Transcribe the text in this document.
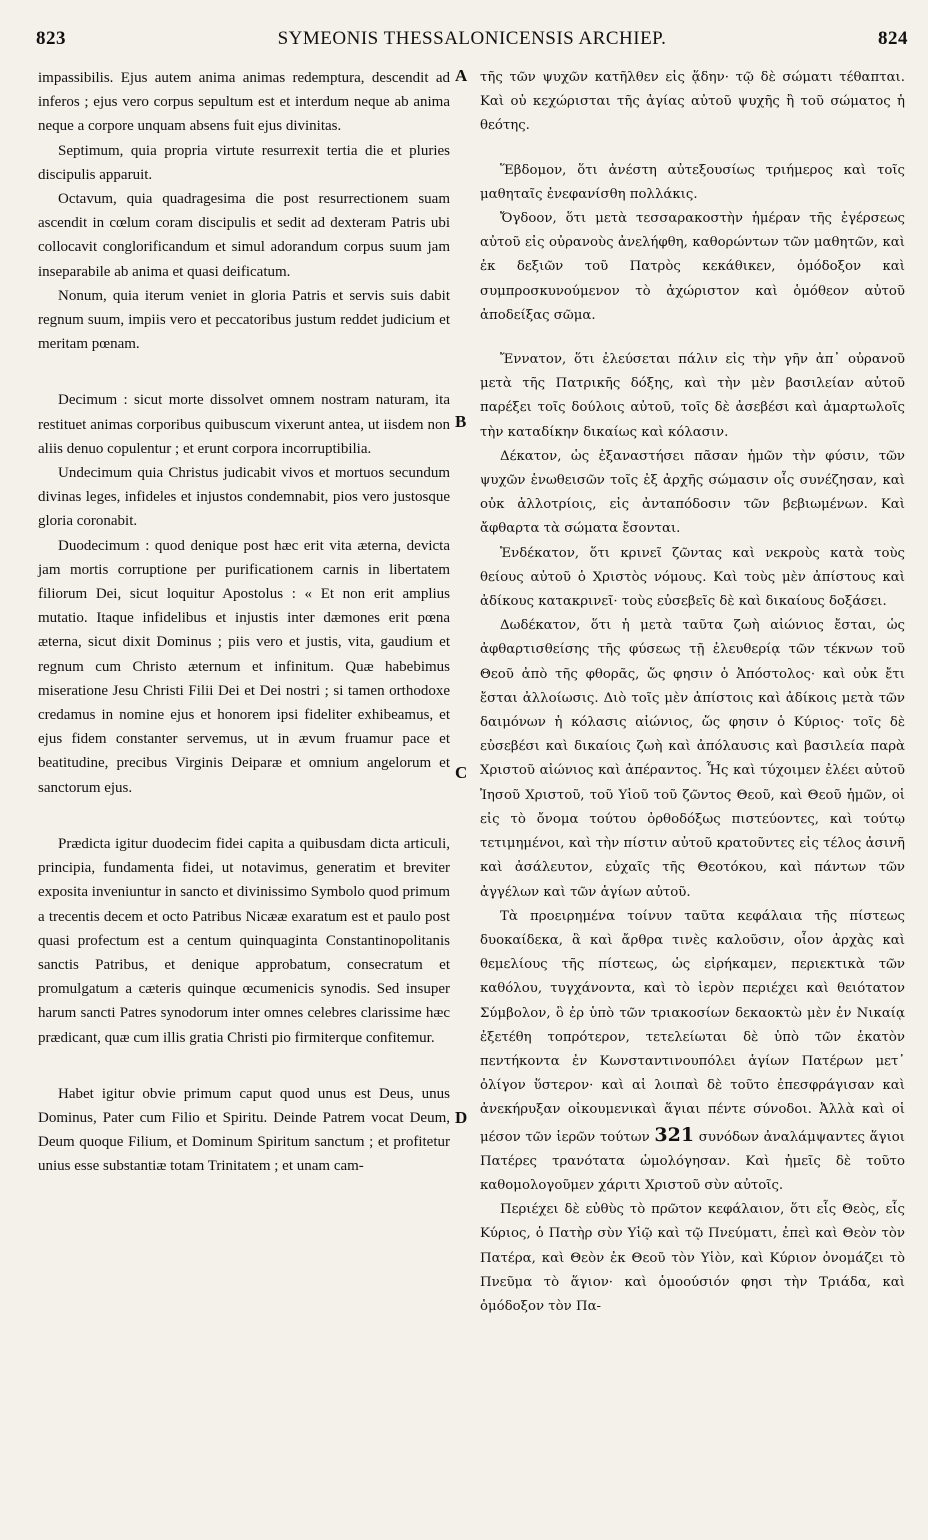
823	SYMEONIS THESSALONICENSIS ARCHIEP.	824

impassibilis. Ejus autem anima animas redemptura, descendit ad inferos ; ejus vero corpus sepultum est et interdum neque ab anima neque a corpore unquam absens fuit ejus divinitas.

Septimum, quia propria virtute resurrexit tertia die et pluries discipulis apparuit.

Octavum, quia quadragesima die post resurrectionem suam ascendit in cœlum coram discipulis et sedit ad dexteram Patris ubi collocavit conglorificandum et simul adorandum corpus suum jam inseparabile ab anima et quasi deificatum.

Nonum, quia iterum veniet in gloria Patris et servis suis dabit regnum suum, impiis vero et peccatoribus justum reddet judicium et meritam pœnam.

Decimum : sicut morte dissolvet omnem nostram naturam, ita restituet animas corporibus quibuscum vixerunt antea, ut iisdem non aliis denuo copulentur ; et erunt corpora incorruptibilia.

Undecimum quia Christus judicabit vivos et mortuos secundum divinas leges, infideles et injustos condemnabit, pios vero justosque gloria coronabit.

Duodecimum : quod denique post hæc erit vita æterna, devicta jam mortis corruptione per purificationem carnis in libertatem filiorum Dei, sicut loquitur Apostolus : « Et non erit amplius mutatio. Itaque infidelibus et injustis inter dæmones erit pœna æterna, sicut dixit Dominus ; piis vero et justis, vita, gaudium et regnum cum Christo æternum et infinitum. Quæ habebimus miseratione Jesu Christi Filii Dei et Dei nostri ; si tamen orthodoxe credamus in nomine ejus et honorem ipsi fideliter exhibeamus, et ejus fidem constanter servemus, ut in ævum fruamur pace et beatitudine, precibus Virginis Deiparæ et omnium angelorum et sanctorum ejus.

Prædicta igitur duodecim fidei capita a quibusdam dicta articuli, principia, fundamenta fidei, ut notavimus, generatim et breviter exposita inveniuntur in sancto et divinissimo Symbolo quod primum a trecentis decem et octo Patribus Nicææ exaratum est et paulo post quasi profectum est a centum quinquaginta Constantinopolitanis sanctis Patribus, et denique approbatum, consecratum et promulgatum a cæteris quinque œcumenicis synodis. Sed insuper harum sancti Patres synodorum inter omnes celebres clarissime hæc prædicant, quæ cum illis gratia Christi pio firmiterque confitemur.

Habet igitur obvie primum caput quod unus est Deus, unus Dominus, Pater cum Filio et Spiritu. Deinde Patrem vocat Deum, Deum quoque Filium, et Dominum Spiritum sanctum ; et profitetur unius esse substantiæ totam Trinitatem ; et unam cam-

A
B
C
D

τῆς τῶν ψυχῶν κατῆλθεν εἰς ᾅδην· τῷ δὲ σώματι τέθαπται. Καὶ οὐ κεχώρισται τῆς ἁγίας αὐτοῦ ψυχῆς ἢ τοῦ σώματος ἡ θεότης.

Ἕβδομον, ὅτι ἀνέστη αὐτεξουσίως τριήμερος καὶ τοῖς μαθηταῖς ἐνεφανίσθη πολλάκις.

Ὄγδοον, ὅτι μετὰ τεσσαρακοστὴν ἡμέραν τῆς ἐγέρσεως αὐτοῦ εἰς οὐρανοὺς ἀνελήφθη, καθορώντων τῶν μαθητῶν, καὶ ἐκ δεξιῶν τοῦ Πατρὸς κεκάθικεν, ὁμόδοξον καὶ συμπροσκυνούμενον τὸ ἀχώριστον καὶ ὁμόθεον αὐτοῦ ἀποδείξας σῶμα.

Ἔννατον, ὅτι ἐλεύσεται πάλιν εἰς τὴν γῆν ἀπ᾽ οὐρανοῦ μετὰ τῆς Πατρικῆς δόξης, καὶ τὴν μὲν βασιλείαν αὐτοῦ παρέξει τοῖς δούλοις αὐτοῦ, τοῖς δὲ ἀσεβέσι καὶ ἁμαρτωλοῖς τὴν καταδίκην δικαίως καὶ κόλασιν.

Δέκατον, ὡς ἐξαναστήσει πᾶσαν ἡμῶν τὴν φύσιν, τῶν ψυχῶν ἑνωθεισῶν τοῖς ἐξ ἀρχῆς σώμασιν οἷς συνέζησαν, καὶ οὐκ ἀλλοτρίοις, εἰς ἀνταπόδοσιν τῶν βεβιωμένων. Καὶ ἄφθαρτα τὰ σώματα ἔσονται.

Ἑνδέκατον, ὅτι κρινεῖ ζῶντας καὶ νεκροὺς κατὰ τοὺς θείους αὐτοῦ ὁ Χριστὸς νόμους. Καὶ τοὺς μὲν ἀπίστους καὶ ἀδίκους κατακρινεῖ· τοὺς εὐσεβεῖς δὲ καὶ δικαίους δοξάσει.

Δωδέκατον, ὅτι ἡ μετὰ ταῦτα ζωὴ αἰώνιος ἔσται, ὡς ἀφθαρτισθείσης τῆς φύσεως τῇ ἐλευθερίᾳ τῶν τέκνων τοῦ Θεοῦ ἀπὸ τῆς φθορᾶς, ὥς φησιν ὁ Ἀπόστολος· καὶ οὐκ ἔτι ἔσται ἀλλοίωσις. Διὸ τοῖς μὲν ἀπίστοις καὶ ἀδίκοις μετὰ τῶν δαιμόνων ἡ κόλασις αἰώνιος, ὥς φησιν ὁ Κύριος· τοῖς δὲ εὐσεβέσι καὶ δικαίοις ζωὴ καὶ ἀπόλαυσις καὶ βασιλεία παρὰ Χριστοῦ αἰώνιος καὶ ἀπέραντος. Ἧς καὶ τύχοιμεν ἐλέει αὐτοῦ Ἰησοῦ Χριστοῦ, τοῦ Υἱοῦ τοῦ ζῶντος Θεοῦ, καὶ Θεοῦ ἡμῶν, οἱ εἰς τὸ ὄνομα τούτου ὀρθοδόξως πιστεύοντες, καὶ τούτῳ τετιμημένοι, καὶ τὴν πίστιν αὐτοῦ κρατοῦντες εἰς τέλος ἀσινῆ καὶ ἀσάλευτον, εὐχαῖς τῆς Θεοτόκου, καὶ πάντων τῶν ἀγγέλων καὶ τῶν ἁγίων αὐτοῦ.

Τὰ προειρημένα τοίνυν ταῦτα κεφάλαια τῆς πίστεως δυοκαίδεκα, ἃ καὶ ἄρθρα τινὲς καλοῦσιν, οἷον ἀρχὰς καὶ θεμελίους τῆς πίστεως, ὡς εἰρήκαμεν, περιεκτικὰ τῶν καθόλου, τυγχάνοντα, καὶ τὸ ἱερὸν περιέχει καὶ θειότατον Σύμβολον, ὃ ἐρ ὑπὸ τῶν τριακοσίων δεκαοκτὼ μὲν ἐν Νικαίᾳ ἐξετέθη τοπρότερον, τετελείωται δὲ ὑπὸ τῶν ἑκατὸν πεντήκοντα ἐν Κωνσταντινουπόλει ἁγίων Πατέρων μετ᾽ ὀλίγον ὕστερον· καὶ αἱ λοιπαὶ δὲ τοῦτο ἐπεσφράγισαν καὶ ἀνεκήρυξαν οἰκουμενικαὶ ἅγιαι πέντε σύνοδοι. Ἀλλὰ καὶ οἱ μέσον τῶν ἱερῶν τούτων 321 συνόδων ἀναλάμψαντες ἅγιοι Πατέρες τρανότατα ὡμολόγησαν. Καὶ ἡμεῖς δὲ τοῦτο καθομολογοῦμεν χάριτι Χριστοῦ σὺν αὐτοῖς.

Περιέχει δὲ εὐθὺς τὸ πρῶτον κεφάλαιον, ὅτι εἷς Θεὸς, εἷς Κύριος, ὁ Πατὴρ σὺν Υἱῷ καὶ τῷ Πνεύματι, ἐπεὶ καὶ Θεὸν τὸν Πατέρα, καὶ Θεὸν ἐκ Θεοῦ τὸν Υἱὸν, καὶ Κύριον ὀνομάζει τὸ Πνεῦμα τὸ ἅγιον· καὶ ὁμοούσιόν φησι τὴν Τριάδα, καὶ ὁμόδοξον τὸν Πα-
